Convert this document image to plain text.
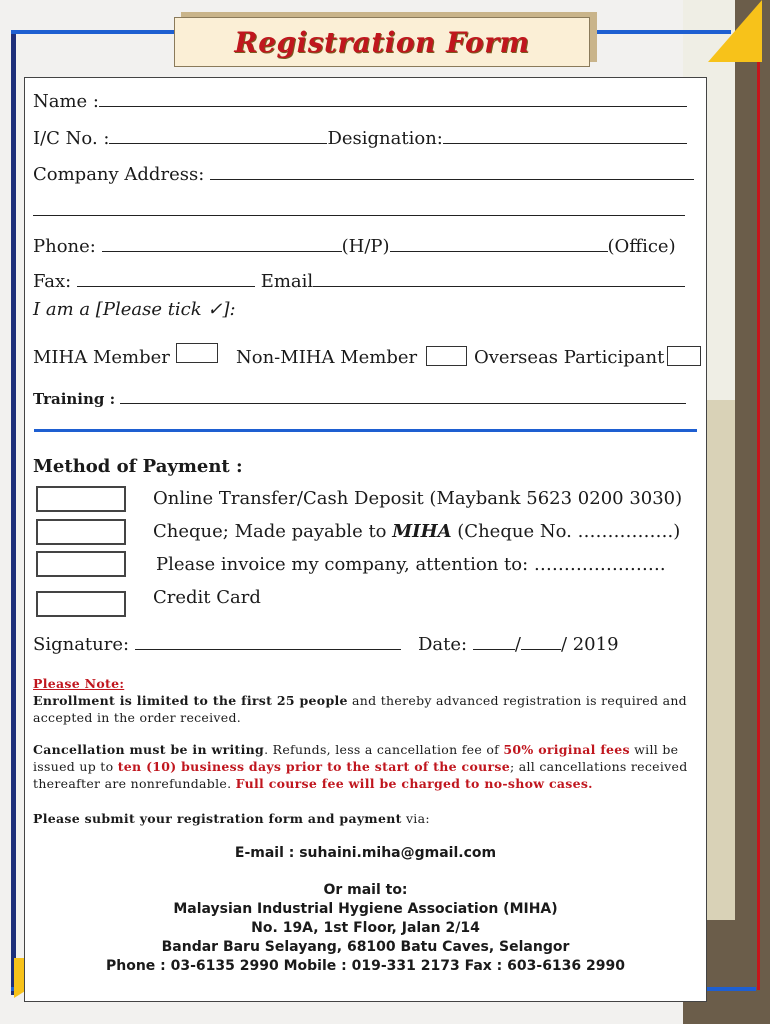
Registration Form
Name :
I/C No. :	Designation:
Company Address:
Phone:	(H/P)	(Office)
Fax:	Email
I am a [Please tick ✓]:
MIHA Member	Non-MIHA Member	Overseas Participant
Training :
Method of Payment :
Online Transfer/Cash Deposit (Maybank 5623 0200 3030)
Cheque; Made payable to MIHA (Cheque No. …………….)
Please invoice my company, attention to: ………………….
Credit Card
Signature:	Date:	/ / 2019
Please Note:
Enrollment is limited to the first 25 people and thereby advanced registration is required and accepted in the order received.
Cancellation must be in writing. Refunds, less a cancellation fee of 50% original fees will be issued up to ten (10) business days prior to the start of the course; all cancellations received thereafter are nonrefundable. Full course fee will be charged to no-show cases.
Please submit your registration form and payment via:
E-mail : suhaini.miha@gmail.com
Or mail to:
Malaysian Industrial Hygiene Association (MIHA)
No. 19A, 1st Floor, Jalan 2/14
Bandar Baru Selayang, 68100 Batu Caves, Selangor
Phone : 03-6135 2990 Mobile : 019-331 2173 Fax : 603-6136 2990
